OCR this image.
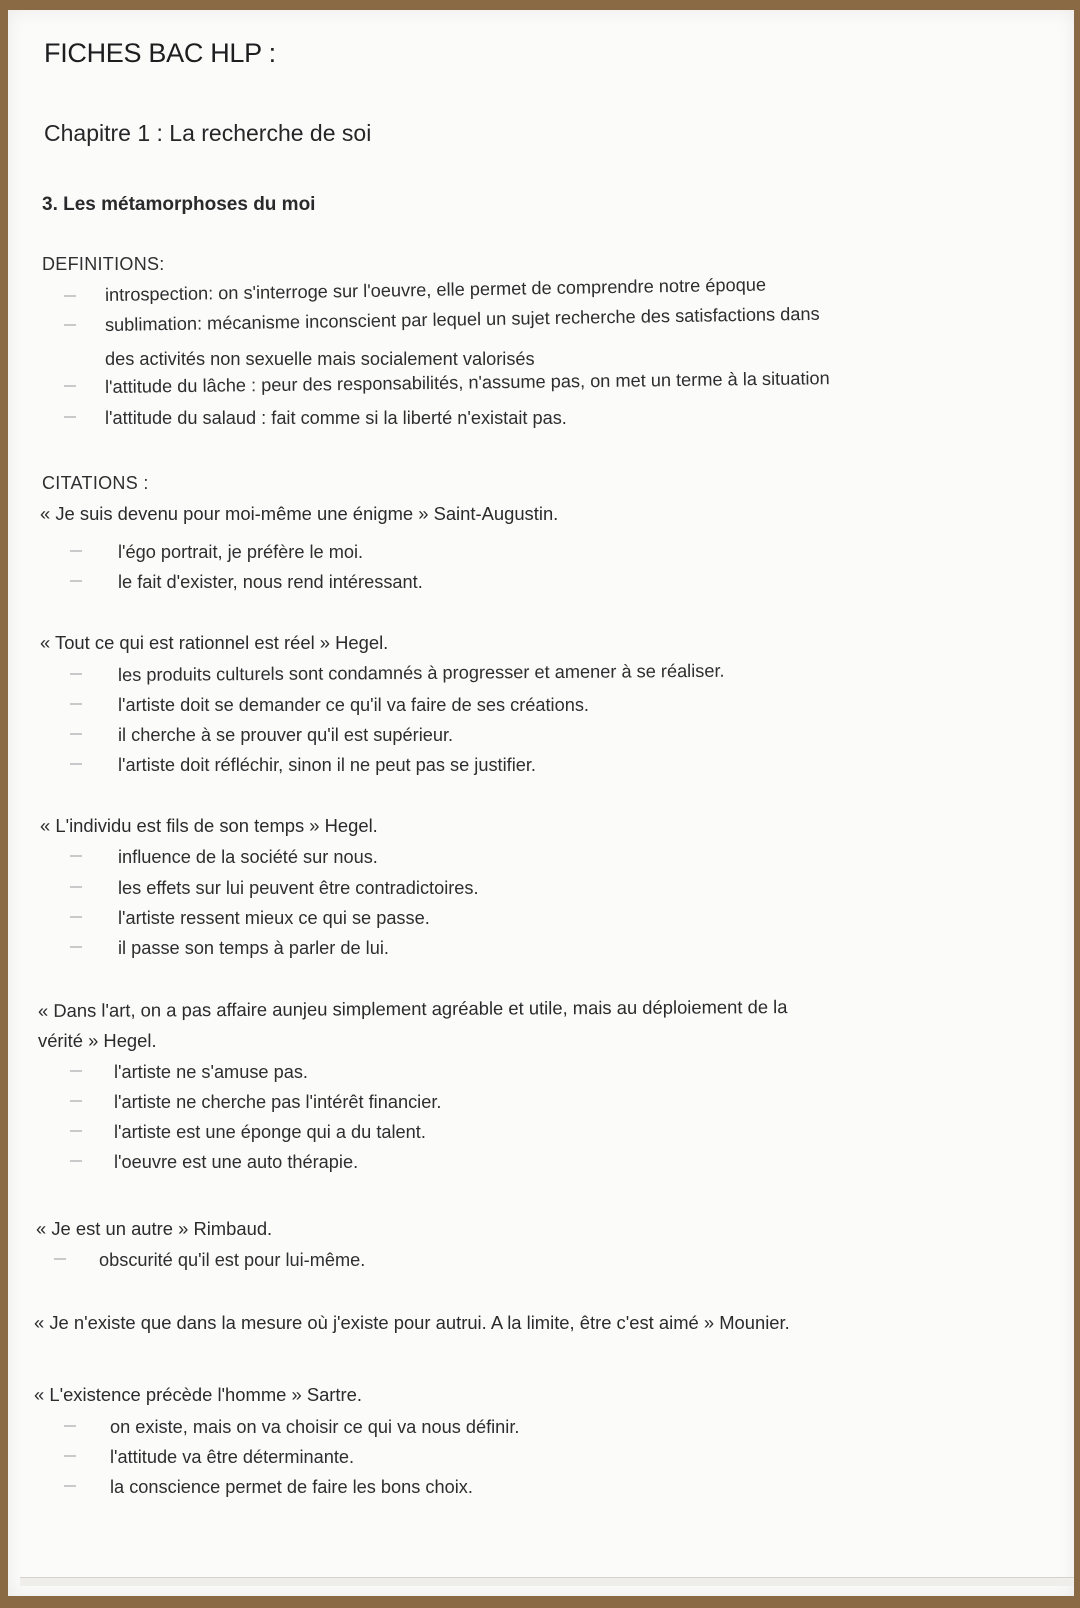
FICHES BAC HLP :
Chapitre 1 : La recherche de soi
3. Les métamorphoses du moi
DEFINITIONS:
introspection: on s'interroge sur l'oeuvre, elle permet de comprendre notre époque
sublimation: mécanisme inconscient par lequel un sujet recherche des satisfactions dans
des activités non sexuelle mais socialement valorisés
l'attitude du lâche : peur des responsabilités, n'assume pas, on met un terme à la situation
l'attitude du salaud : fait comme si la liberté n'existait pas.
CITATIONS :
« Je suis devenu pour moi-même une énigme » Saint-Augustin.
l'égo portrait, je préfère le moi.
le fait d'exister, nous rend intéressant.
« Tout ce qui est rationnel est réel » Hegel.
les produits culturels sont condamnés à progresser et amener à se réaliser.
l'artiste doit se demander ce qu'il va faire de ses créations.
il cherche à se prouver qu'il est supérieur.
l'artiste doit réfléchir, sinon il ne peut pas se justifier.
« L'individu est fils de son temps » Hegel.
influence de la société sur nous.
les effets sur lui peuvent être contradictoires.
l'artiste ressent mieux ce qui se passe.
il passe son temps à parler de lui.
« Dans l'art, on a pas affaire aunjeu simplement agréable et utile, mais au déploiement de la
vérité » Hegel.
l'artiste ne s'amuse pas.
l'artiste ne cherche pas l'intérêt financier.
l'artiste est une éponge qui a du talent.
l'oeuvre est une auto thérapie.
« Je est un autre » Rimbaud.
obscurité qu'il est pour lui-même.
« Je n'existe que dans la mesure où j'existe pour autrui. A la limite, être c'est aimé » Mounier.
« L'existence précède l'homme » Sartre.
on existe, mais on va choisir ce qui va nous définir.
l'attitude va être déterminante.
la conscience permet de faire les bons choix.
